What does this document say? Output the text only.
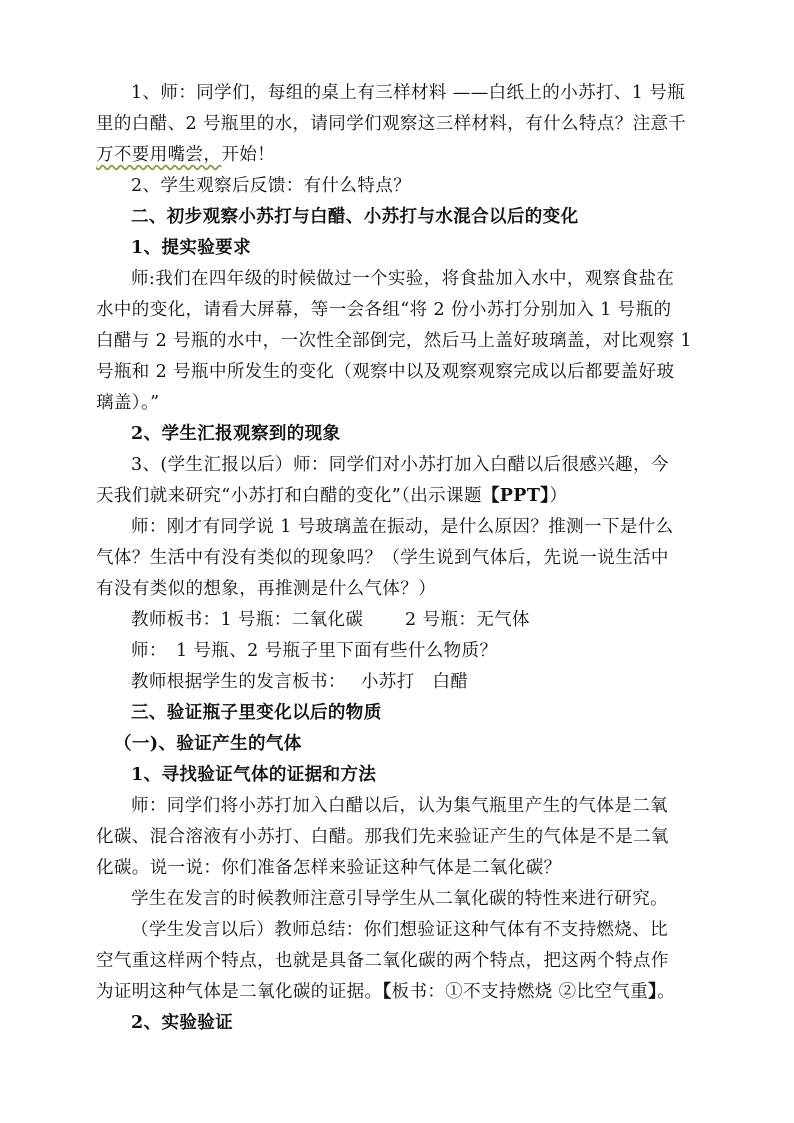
1、师：同学们，每组的桌上有三样材料 ——白纸上的小苏打、1 号瓶
里的白醋、2 号瓶里的水，请同学们观察这三样材料，有什么特点？注意千
万不要用嘴尝，开始！
2、学生观察后反馈：有什么特点？
二、初步观察小苏打与白醋、小苏打与水混合以后的变化
1、提实验要求
师:我们在四年级的时候做过一个实验，将食盐加入水中，观察食盐在
水中的变化，请看大屏幕，等一会各组“将 2 份小苏打分别加入 1 号瓶的
白醋与 2 号瓶的水中，一次性全部倒完，然后马上盖好玻璃盖，对比观察 1
号瓶和 2 号瓶中所发生的变化（观察中以及观察观察完成以后都要盖好玻
璃盖）。”
2、学生汇报观察到的现象
3、(学生汇报以后）师：同学们对小苏打加入白醋以后很感兴趣，今
天我们就来研究“小苏打和白醋的变化”（出示课题【PPT】）
师：刚才有同学说 1 号玻璃盖在振动，是什么原因？推测一下是什么
气体？生活中有没有类似的现象吗？（学生说到气体后，先说一说生活中
有没有类似的想象，再推测是什么气体？）
教师板书：1 号瓶：二氧化碳　　 2 号瓶：无气体
师：　1 号瓶、2 号瓶子里下面有些什么物质？
教师根据学生的发言板书：　 小苏打　白醋
三、验证瓶子里变化以后的物质
（一)、验证产生的气体
1、寻找验证气体的证据和方法
师：同学们将小苏打加入白醋以后，认为集气瓶里产生的气体是二氧
化碳、混合溶液有小苏打、白醋。那我们先来验证产生的气体是不是二氧
化碳。说一说：你们准备怎样来验证这种气体是二氧化碳？
学生在发言的时候教师注意引导学生从二氧化碳的特性来进行研究。
（学生发言以后）教师总结：你们想验证这种气体有不支持燃烧、比
空气重这样两个特点，也就是具备二氧化碳的两个特点，把这两个特点作
为证明这种气体是二氧化碳的证据。【板书：①不支持燃烧 ②比空气重】。
2、实验验证
